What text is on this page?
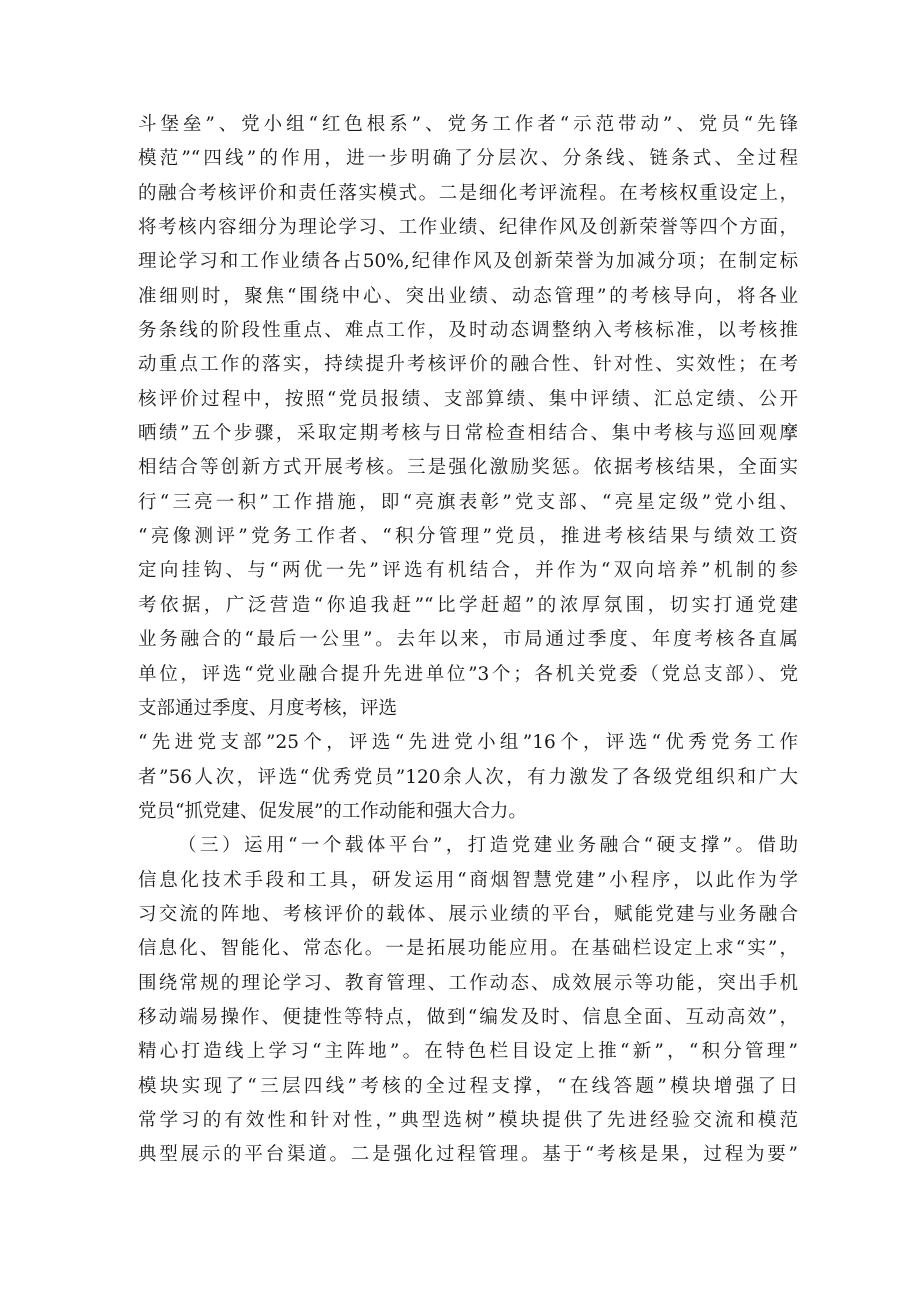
斗堡垒”、党小组“红色根系”、党务工作者“示范带动”、党员“先锋
模范”“四线”的作用，进一步明确了分层次、分条线、链条式、全过程
的融合考核评价和责任落实模式。二是细化考评流程。在考核权重设定上，
将考核内容细分为理论学习、工作业绩、纪律作风及创新荣誉等四个方面，
理论学习和工作业绩各占50%,纪律作风及创新荣誉为加减分项；在制定标
准细则时，聚焦“围绕中心、突出业绩、动态管理”的考核导向，将各业
务条线的阶段性重点、难点工作，及时动态调整纳入考核标准，以考核推
动重点工作的落实，持续提升考核评价的融合性、针对性、实效性；在考
核评价过程中，按照“党员报绩、支部算绩、集中评绩、汇总定绩、公开
晒绩”五个步骤，采取定期考核与日常检查相结合、集中考核与巡回观摩
相结合等创新方式开展考核。三是强化激励奖惩。依据考核结果，全面实
行“三亮一积”工作措施，即“亮旗表彰”党支部、“亮星定级”党小组、
“亮像测评”党务工作者、“积分管理”党员，推进考核结果与绩效工资
定向挂钩、与“两优一先”评选有机结合，并作为“双向培养”机制的参
考依据，广泛营造“你追我赶”“比学赶超”的浓厚氛围，切实打通党建
业务融合的“最后一公里”。去年以来，市局通过季度、年度考核各直属
单位，评选“党业融合提升先进单位”3个；各机关党委（党总支部）、党
支部通过季度、月度考核，评选
“先进党支部”25个，评选“先进党小组”16个，评选“优秀党务工作
者”56人次，评选“优秀党员”120余人次，有力激发了各级党组织和广大
党员“抓党建、促发展”的工作动能和强大合力。
（三）运用“一个载体平台”，打造党建业务融合“硬支撑”。借助
信息化技术手段和工具，研发运用“商烟智慧党建”小程序，以此作为学
习交流的阵地、考核评价的载体、展示业绩的平台，赋能党建与业务融合
信息化、智能化、常态化。一是拓展功能应用。在基础栏设定上求“实”，
围绕常规的理论学习、教育管理、工作动态、成效展示等功能，突出手机
移动端易操作、便捷性等特点，做到“编发及时、信息全面、互动高效”，
精心打造线上学习“主阵地”。在特色栏目设定上推“新”，“积分管理”
模块实现了“三层四线”考核的全过程支撑，“在线答题”模块增强了日
常学习的有效性和针对性，”典型选树”模块提供了先进经验交流和模范
典型展示的平台渠道。二是强化过程管理。基于“考核是果，过程为要”
